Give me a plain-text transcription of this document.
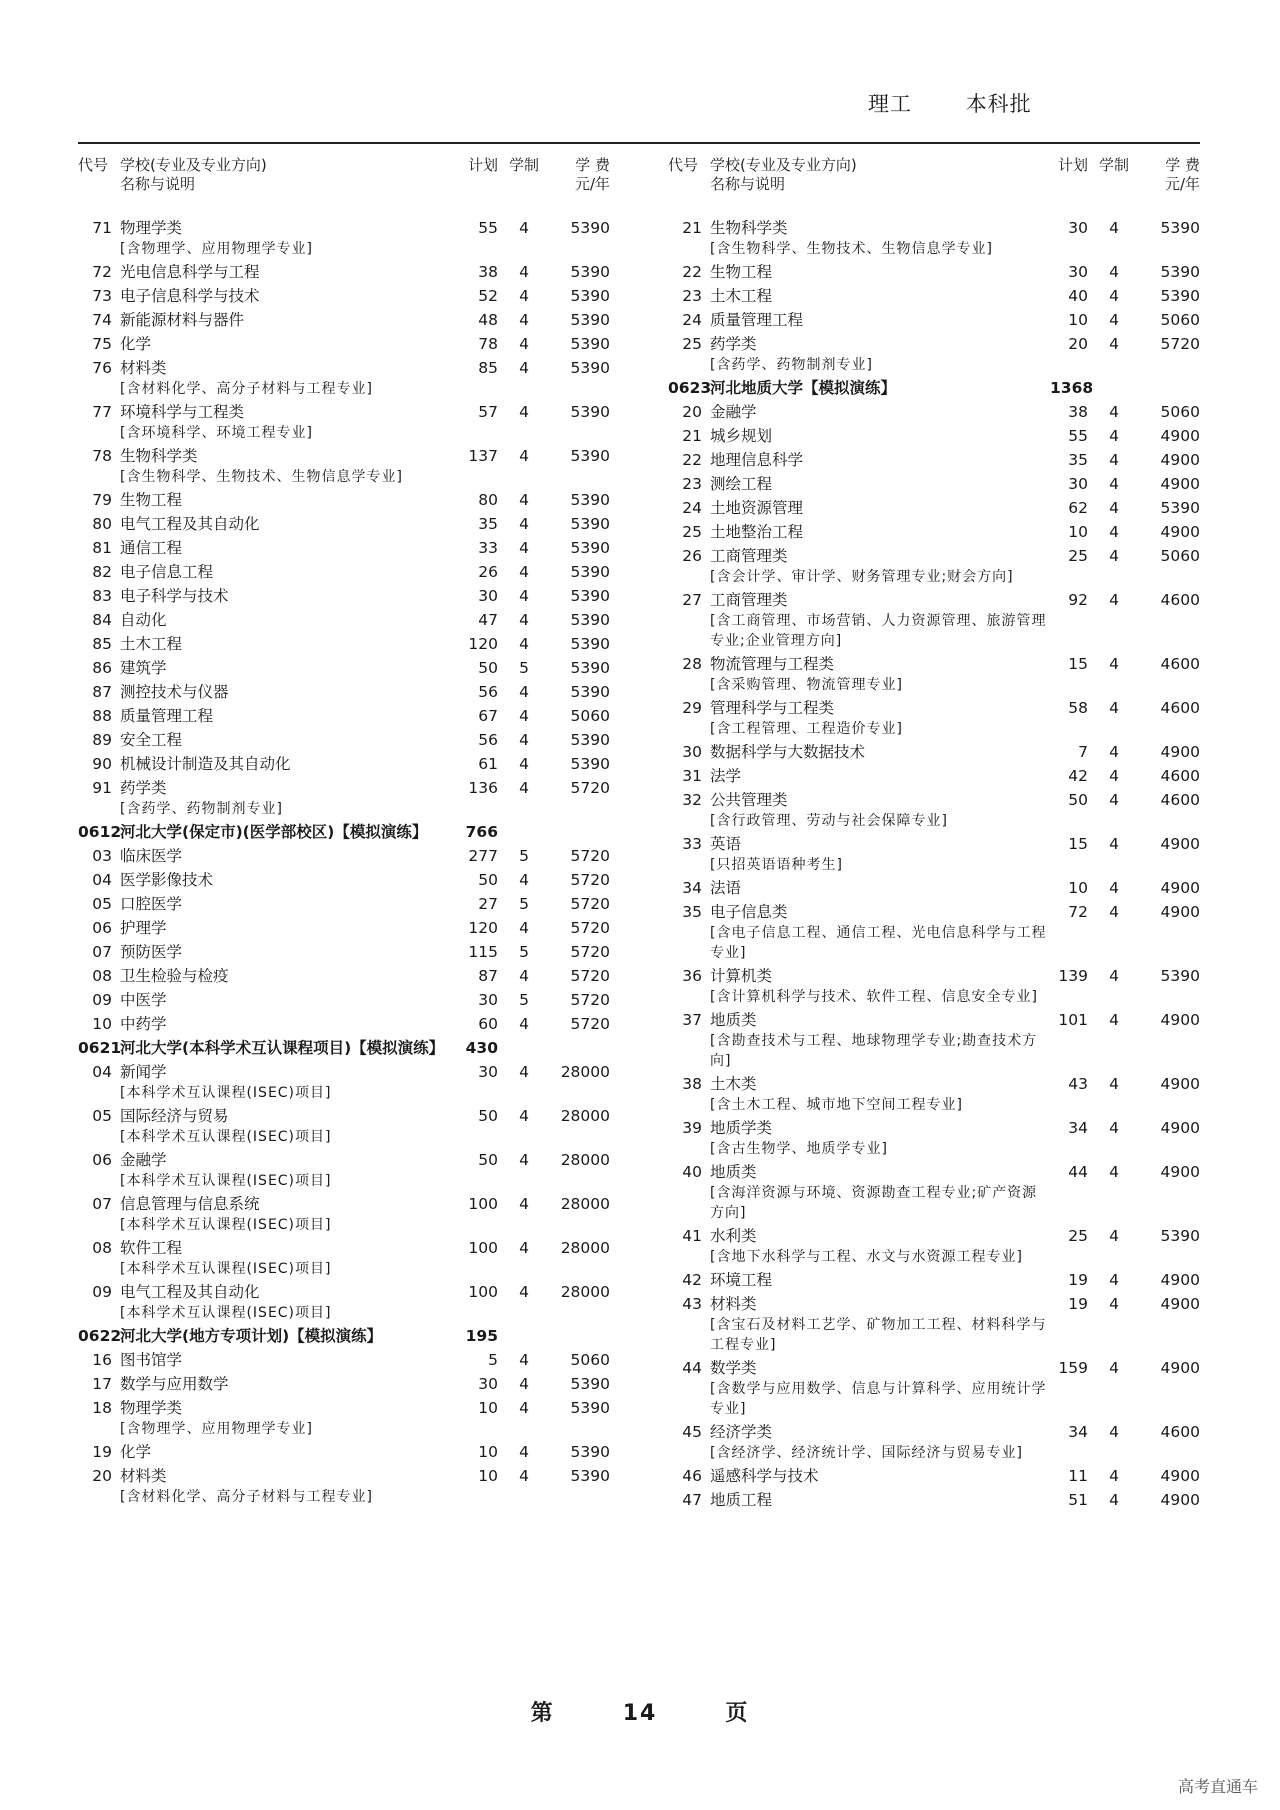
理工	本科批
代号 学校(专业及专业方向)
名称与说明
计划 学制	学 费
元/年
71 物理学类
[含物理学、应用物理学专业]
55	4	5390
72 光电信息科学与工程	38	4	5390
73 电子信息科学与技术	52	4	5390
74 新能源材料与器件	48	4	5390
75 化学	78	4	5390
76 材料类
[含材料化学、高分子材料与工程专业]
85	4	5390
77 环境科学与工程类
[含环境科学、环境工程专业]
57	4	5390
78 生物科学类
[含生物科学、生物技术、生物信息学专业]
137	4	5390
79 生物工程	80	4	5390
80 电气工程及其自动化	35	4	5390
81 通信工程	33	4	5390
82 电子信息工程	26	4	5390
83 电子科学与技术	30	4	5390
84 自动化	47	4	5390
85 土木工程	120	4	5390
86 建筑学	50	5	5390
87 测控技术与仪器	56	4	5390
88 质量管理工程	67	4	5060
89 安全工程	56	4	5390
90 机械设计制造及其自动化	61	4	5390
91 药学类
[含药学、药物制剂专业]
136	4	5720
0612
河北大学(保定市)(医学部校区)【模拟演练】	766
03 临床医学	277	5	5720
04 医学影像技术	50	4	5720
05 口腔医学	27	5	5720
06 护理学	120	4	5720
07 预防医学	115	5	5720
08 卫生检验与检疫	87	4	5720
09 中医学	30	5	5720
10 中药学	60	4	5720
0621
河北大学(本科学术互认课程项目)【模拟演练】	430
04 新闻学
[本科学术互认课程(ISEC)项目]
30	4	28000
05 国际经济与贸易
[本科学术互认课程(ISEC)项目]
50	4	28000
06 金融学
[本科学术互认课程(ISEC)项目]
50	4	28000
07 信息管理与信息系统
[本科学术互认课程(ISEC)项目]
100	4	28000
08 软件工程
[本科学术互认课程(ISEC)项目]
100	4	28000
09 电气工程及其自动化
[本科学术互认课程(ISEC)项目]
100	4	28000
0622
河北大学(地方专项计划)【模拟演练】	195
16 图书馆学	5	4	5060
17 数学与应用数学	30	4	5390
18 物理学类
[含物理学、应用物理学专业]
10	4	5390
19 化学	10	4	5390
20 材料类
[含材料化学、高分子材料与工程专业]
10	4	5390
代号 学校(专业及专业方向)
名称与说明
计划 学制	学 费
元/年
21 生物科学类
[含生物科学、生物技术、生物信息学专业]
30	4	5390
22 生物工程	30	4	5390
23 土木工程	40	4	5390
24 质量管理工程	10	4	5060
25 药学类
[含药学、药物制剂专业]
20	4	5720
0623
河北地质大学【模拟演练】	1368
20 金融学	38	4	5060
21 城乡规划	55	4	4900
22 地理信息科学	35	4	4900
23 测绘工程	30	4	4900
24 土地资源管理	62	4	5390
25 土地整治工程	10	4	4900
26 工商管理类
[含会计学、审计学、财务管理专业;财会方向]
25	4	5060
27 工商管理类
[含工商管理、市场营销、人力资源管理、旅游管理专业;企业管理方向]
92	4	4600
28 物流管理与工程类
[含采购管理、物流管理专业]
15	4	4600
29 管理科学与工程类
[含工程管理、工程造价专业]
58	4	4600
30 数据科学与大数据技术	7	4	4900
31 法学	42	4	4600
32 公共管理类
[含行政管理、劳动与社会保障专业]
50	4	4600
33 英语
[只招英语语种考生]
15	4	4900
34 法语	10	4	4900
35 电子信息类
[含电子信息工程、通信工程、光电信息科学与工程专业]
72	4	4900
36 计算机类
[含计算机科学与技术、软件工程、信息安全专业]
139	4	5390
37 地质类
[含勘查技术与工程、地球物理学专业;勘查技术方向]
101	4	4900
38 土木类
[含土木工程、城市地下空间工程专业]
43	4	4900
39 地质学类
[含古生物学、地质学专业]
34	4	4900
40 地质类
[含海洋资源与环境、资源勘查工程专业;矿产资源方向]
44	4	4900
41 水利类
[含地下水科学与工程、水文与水资源工程专业]
25	4	5390
42 环境工程	19	4	4900
43 材料类
[含宝石及材料工艺学、矿物加工工程、材料科学与工程专业]
19	4	4900
44 数学类
[含数学与应用数学、信息与计算科学、应用统计学专业]
159	4	4900
45 经济学类
[含经济学、经济统计学、国际经济与贸易专业]
34	4	4600
46 遥感科学与技术	11	4	4900
47 地质工程	51	4	4900
第	14	页
高考直通车
